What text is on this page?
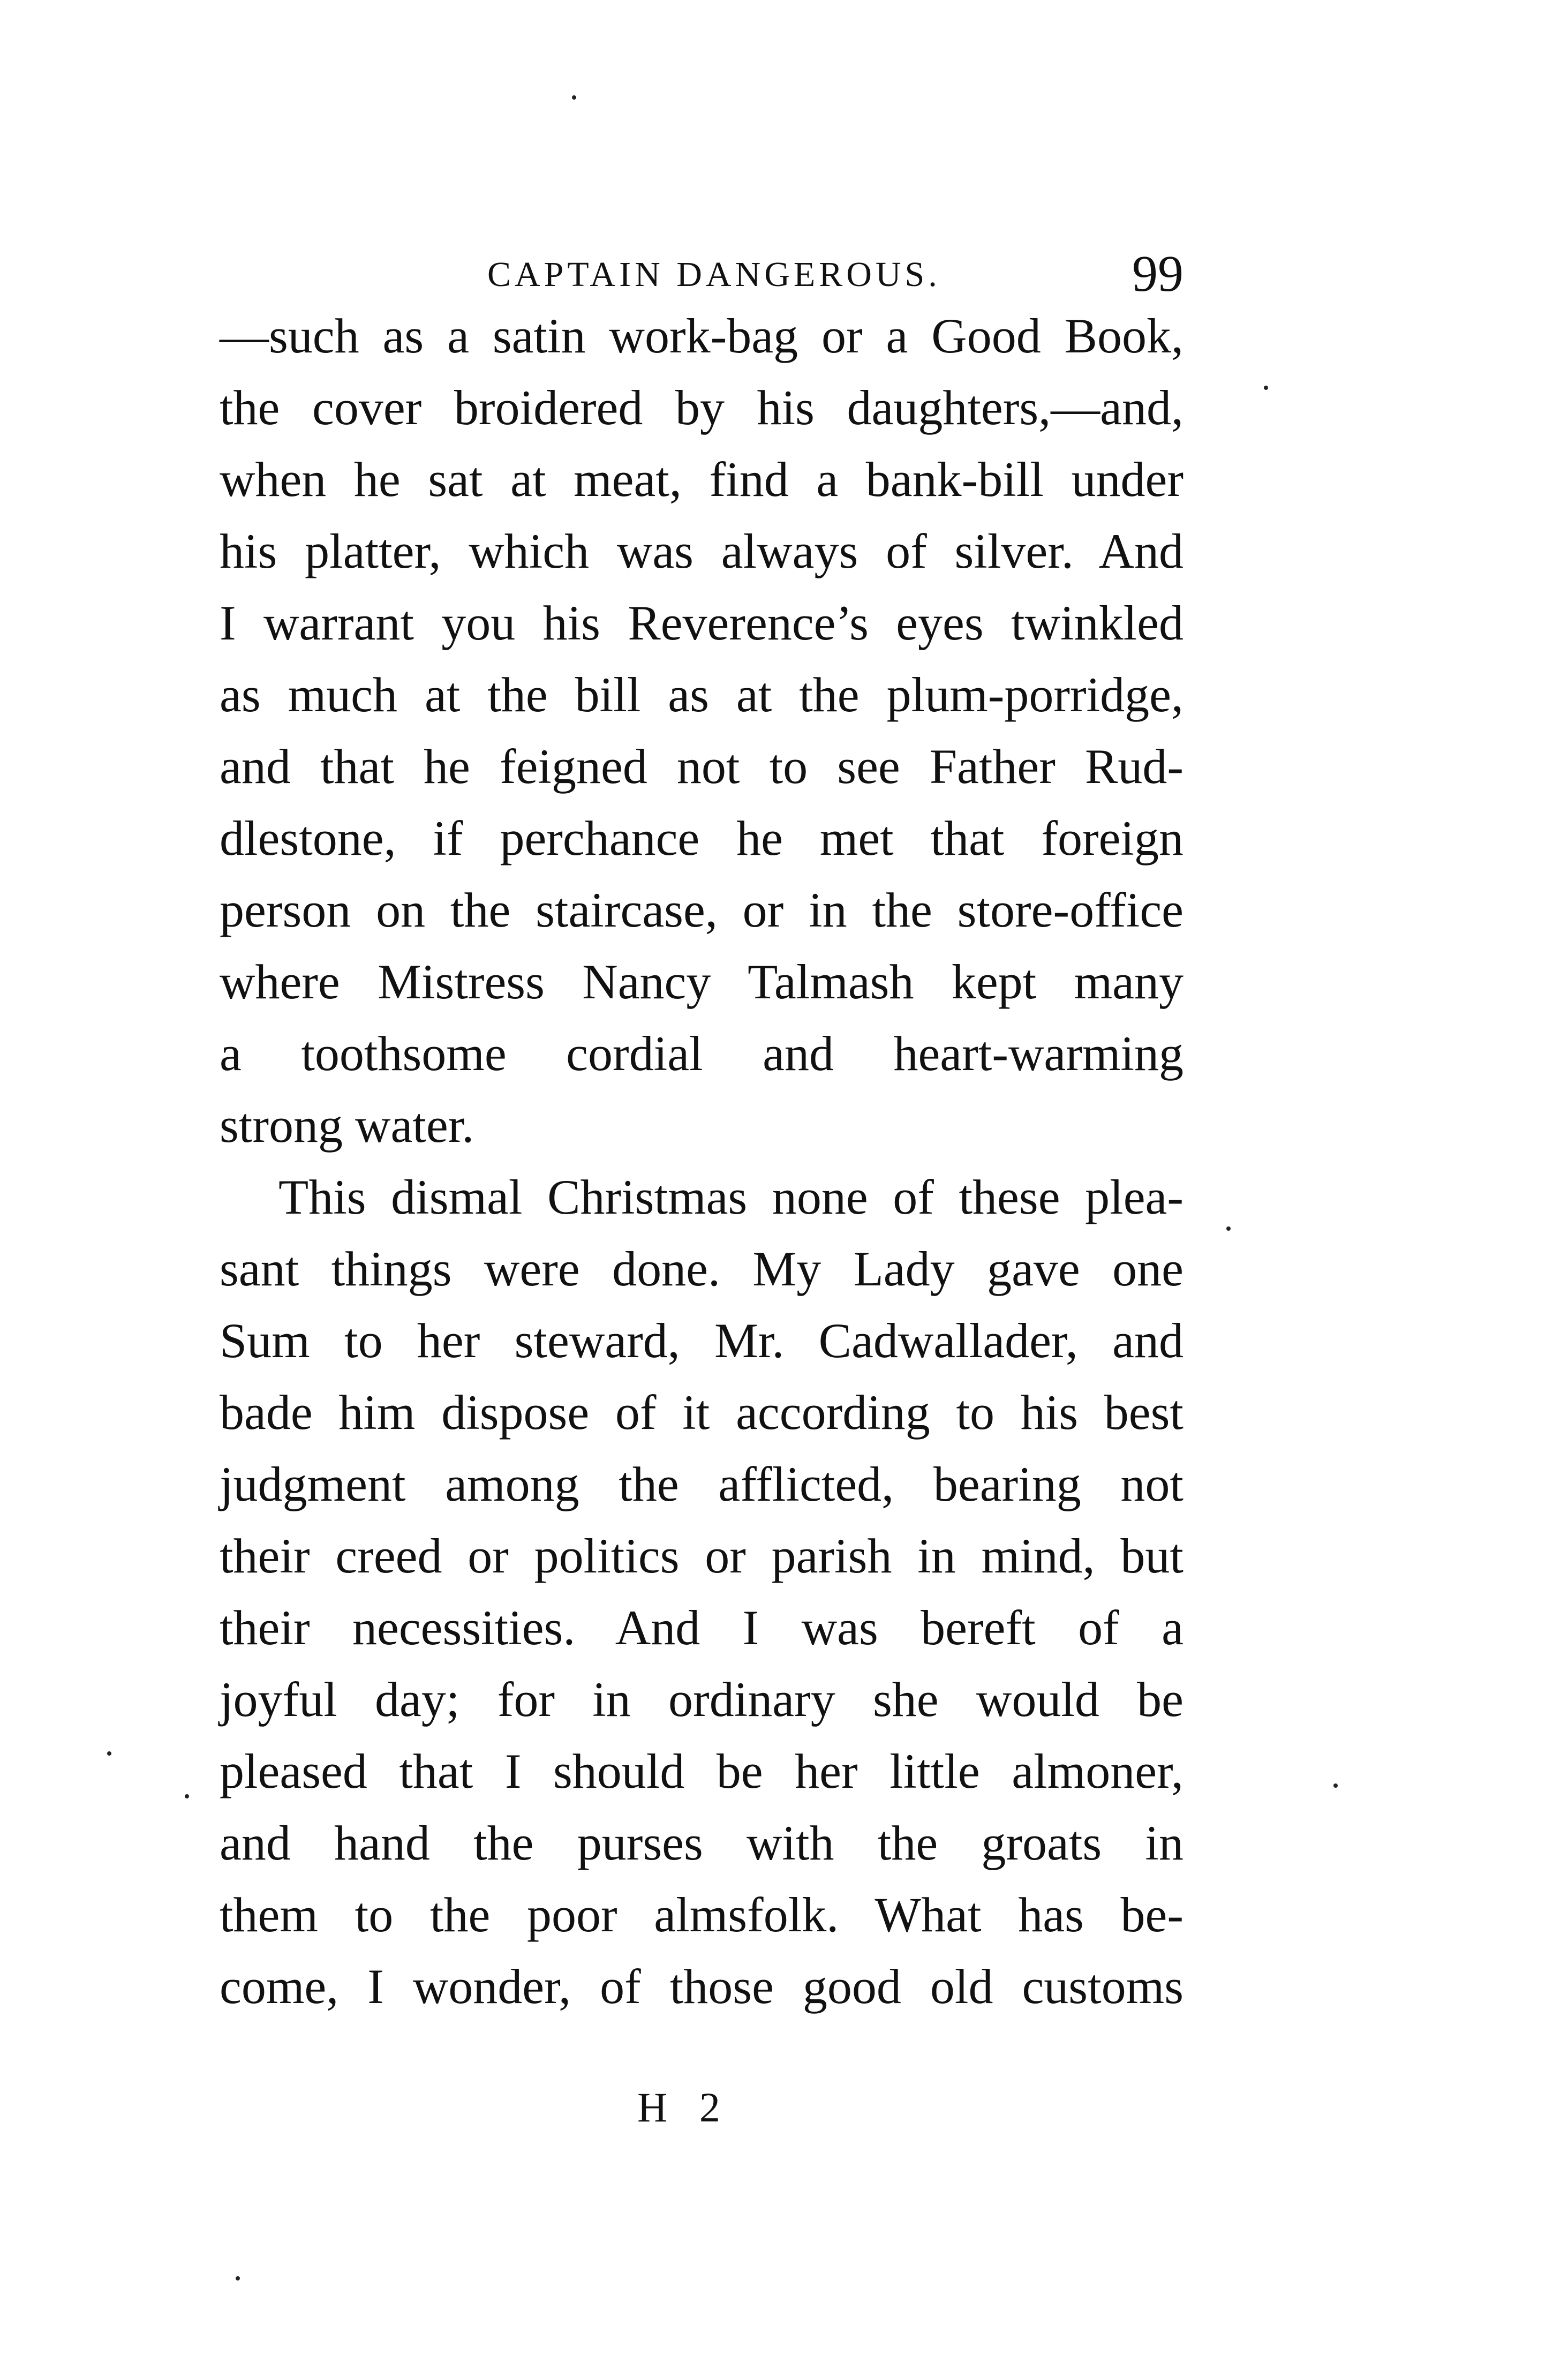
CAPTAIN DANGEROUS.	99

—such as a satin work-bag or a Good Book,
the cover broidered by his daughters,—and,
when he sat at meat, find a bank-bill under
his platter, which was always of silver. And
I warrant you his Reverence’s eyes twinkled
as much at the bill as at the plum-porridge,
and that he feigned not to see Father Rud-
dlestone, if perchance he met that foreign
person on the staircase, or in the store-office
where Mistress Nancy Talmash kept many
a toothsome cordial and heart-warming
strong water.

This dismal Christmas none of these plea-
sant things were done. My Lady gave one
Sum to her steward, Mr. Cadwallader, and
bade him dispose of it according to his best
judgment among the afflicted, bearing not
their creed or politics or parish in mind, but
their necessities. And I was bereft of a
joyful day; for in ordinary she would be
pleased that I should be her little almoner,
and hand the purses with the groats in
them to the poor almsfolk. What has be-
come, I wonder, of those good old customs

H 2
